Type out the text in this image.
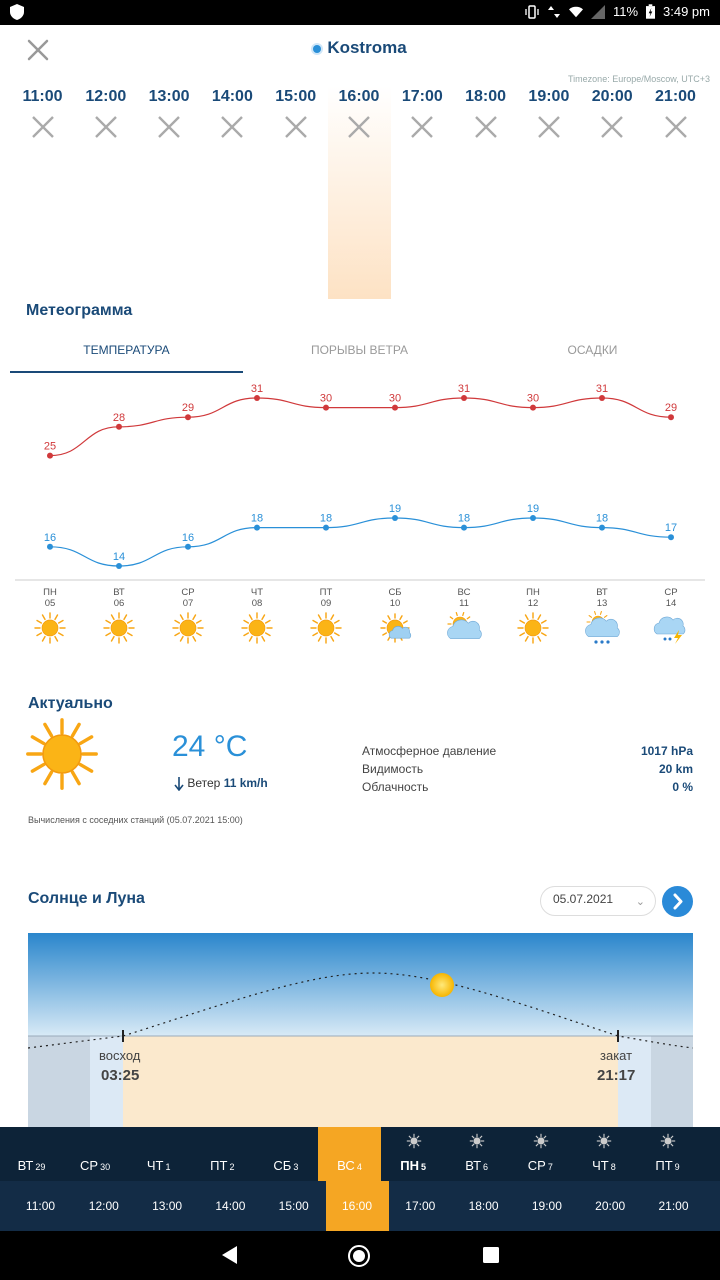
11% 3:49 pm
Kostroma
Timezone: Europe/Moscow, UTC+3
11:00	12:00	13:00	14:00	15:00	16:00	17:00	18:00	19:00	20:00	21:00
Метеограмма
ТЕМПЕРАТУРА	ПОРЫВЫ ВЕТРА	ОСАДКИ
25
28
29
31
30	30
31
30
31
29
16
14
16
18	18
19
18
19
18
17
ПН
05
ВТ
06
СР
07
ЧТ
08
ПТ
09
СБ
10
ВС
11
ПН
12
ВТ
13
СР
14
Актуально
24 °C
Ветер 11 km/h
Атмосферное давление	1017 hPa
Видимость	20 km
Облачность	0 %
Вычисления с соседних станций (05.07.2021 15:00)
Солнце и Луна	05.07.2021 ⌄
восход
03:25
закат
21:17
ВТ 29	СР 30	ЧТ 1	ПТ 2	СБ 3	ВС 4	ПН 5	ВТ 6	СР 7	ЧТ 8	ПТ 9
11:00	12:00	13:00	14:00	15:00	16:00	17:00	18:00	19:00	20:00	21:00
